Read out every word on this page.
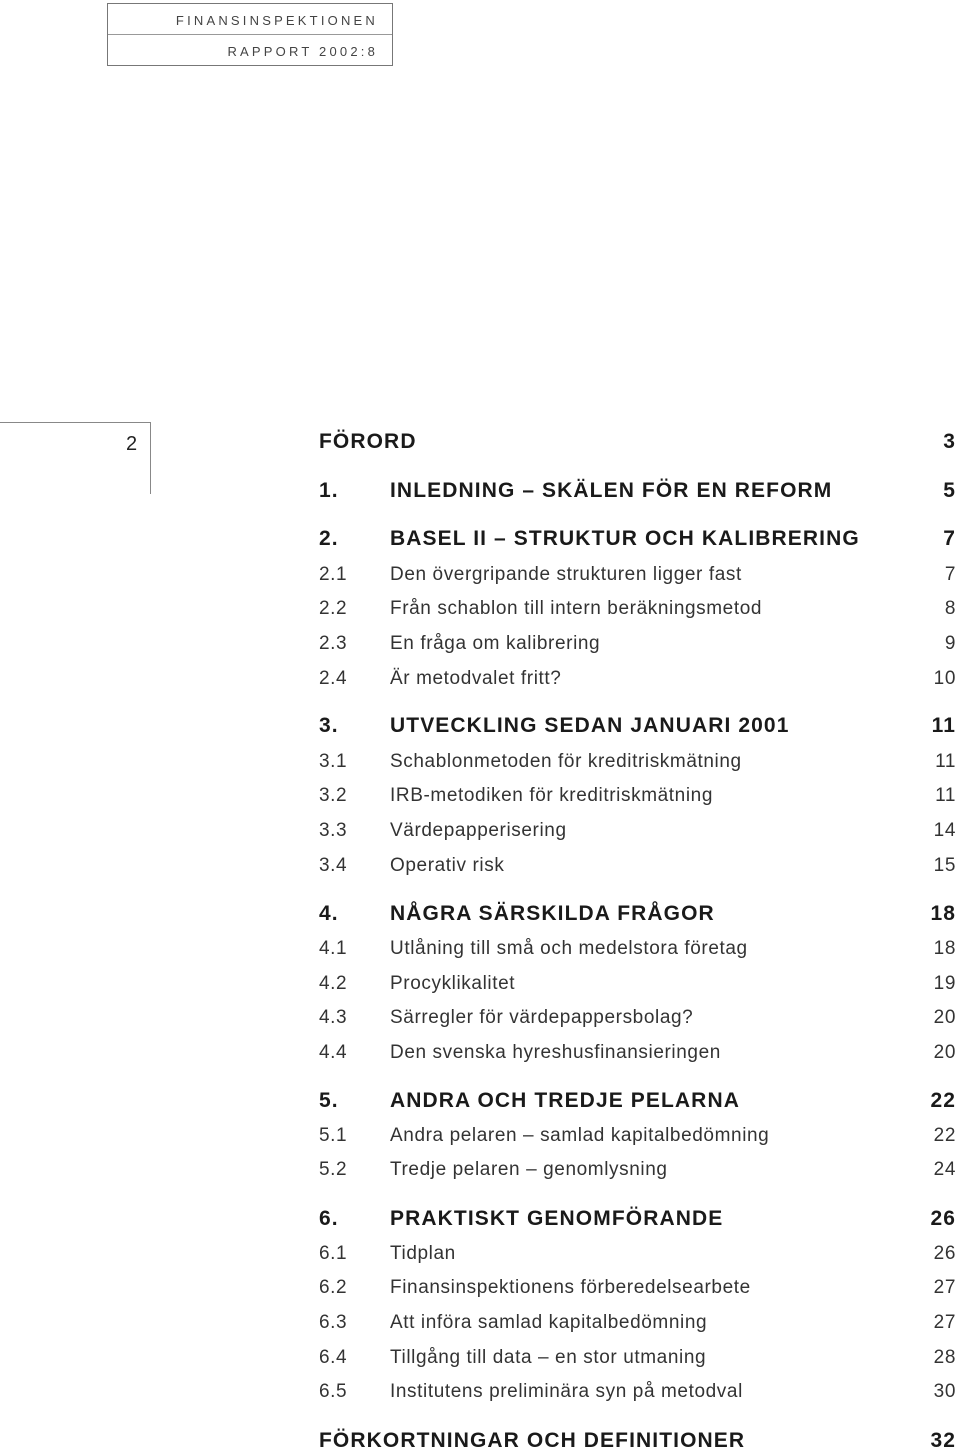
FINANSINSPEKTIONEN
RAPPORT 2002:8
2	FÖRORD	3
1. INLEDNING – SKÄLEN FÖR EN REFORM	5
2. BASEL II – STRUKTUR OCH KALIBRERING	7
2.1 Den övergripande strukturen ligger fast	7
2.2 Från schablon till intern beräkningsmetod	8
2.3 En fråga om kalibrering	9
2.4 Är metodvalet fritt?	10
3. UTVECKLING SEDAN JANUARI 2001	11
3.1 Schablonmetoden för kreditriskmätning	11
3.2 IRB-metodiken för kreditriskmätning	11
3.3 Värdepapperisering	14
3.4 Operativ risk	15
4. NÅGRA SÄRSKILDA FRÅGOR	18
4.1 Utlåning till små och medelstora företag	18
4.2 Procyklikalitet	19
4.3 Särregler för värdepappersbolag?	20
4.4 Den svenska hyreshusfinansieringen	20
5. ANDRA OCH TREDJE PELARNA	22
5.1 Andra pelaren – samlad kapitalbedömning	22
5.2 Tredje pelaren – genomlysning	24
6. PRAKTISKT GENOMFÖRANDE	26
6.1 Tidplan	26
6.2 Finansinspektionens förberedelsearbete	27
6.3 Att införa samlad kapitalbedömning	27
6.4 Tillgång till data – en stor utmaning	28
6.5 Institutens preliminära syn på metodval	30
FÖRKORTNINGAR OCH DEFINITIONER	32
